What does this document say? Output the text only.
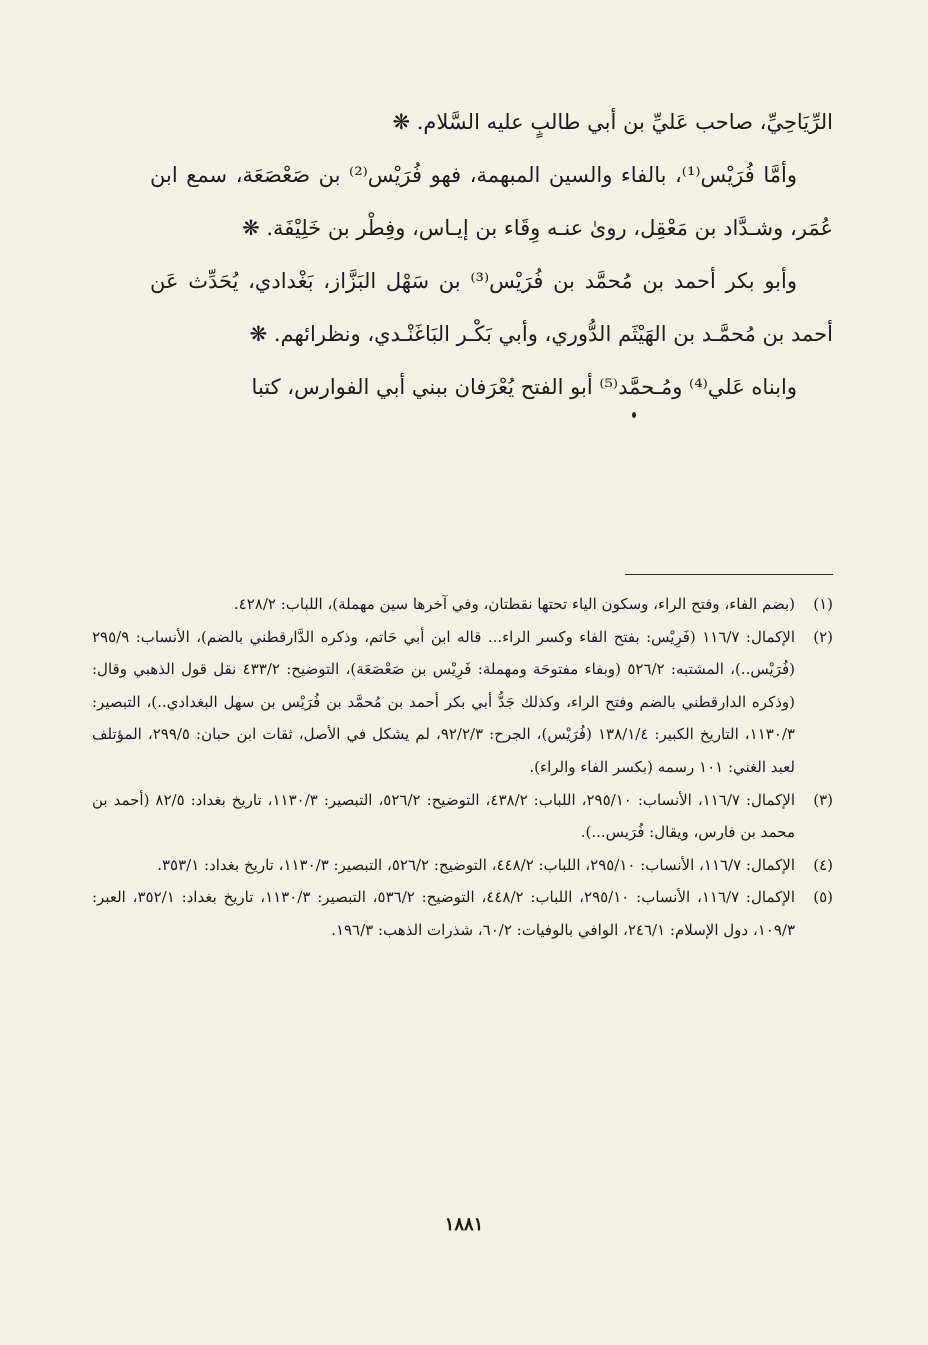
الرِّيَاحِيِّ، صاحب عَليِّ بن أبي طالبٍ عليه السَّلام. ❋

وأمَّا فُرَيْس⁽¹⁾، بالفاء والسين المبهمة، فهو فُرَيْس⁽²⁾ بن صَعْصَعَة، سمع ابن عُمَر، وشـدَّاد بن مَعْقِل، روىٰ عنـه وِقَاء بن إيـاس، وفِطْر بن خَلِيْفَة. ❋

وأبو بكر أحمد بن مُحمَّد بن فُرَيْس⁽³⁾ بن سَهْل البَزَّاز، بَغْدادي، يُحَدِّث عَن أحمد بن مُحمَّـد بن الهَيْثَم الدُّوري، وأبي بَكْـر البَاغَنْـدي، ونظرائهم. ❋

وابناه عَلي⁽⁴⁾ ومُـحمَّد⁽⁵⁾ أبو الفتح يُعْرَفان ببني أبي الفوارس، كتبا

(١)
(بضم الفاء، وفتح الراء، وسكون الياء تحتها نقطتان، وفي آخرها سين مهملة)، اللباب: ٤٢٨/٢.
(٢)
الإكمال: ١١٦/٧ (فَرِيْس: بفتح الفاء وكسر الراء... قاله ابن أبي حَاتم، وذكره الدَّارقطني بالضم)، الأنساب: ٢٩٥/٩ (فُرَيْس..)، المشتبه: ٥٢٦/٢ (وبفاء مفتوحَة ومهملة: فَرِيْس بن صَعْصَعَة)، التوضيح: ٤٣٣/٢ نقل قول الذهبي وقال: (وذكره الدارقطني بالضم وفتح الراء، وكذلك جَدُّ أبي بكر أحمد بن مُحمَّد بن فُرَيْس بن سهل البغدادي..)، التبصير: ١١٣٠/٣، التاريخ الكبير: ١٣٨/١/٤ (فُرَيْس)، الجرح: ٩٢/٢/٣، لم يشكل في الأصل، ثقات ابن حبان: ٢٩٩/٥، المؤتلف لعبد الغني: ١٠١ رسمه (بكسر الفاء والراء).
(٣)
الإكمال: ١١٦/٧، الأنساب: ٢٩٥/١٠، اللباب: ٤٣٨/٢، التوضيح: ٥٢٦/٢، التبصير: ١١٣٠/٣، تاريخ بغداد: ٨٢/٥ (أحمد بن محمد بن فارس، ويقال: فُرَيس...).
(٤)
الإكمال: ١١٦/٧، الأنساب: ٢٩٥/١٠، اللباب: ٤٤٨/٢، التوضيح: ٥٢٦/٢، التبصير: ١١٣٠/٣، تاريخ بغداد: ٣٥٣/١.
(٥)
الإكمال: ١١٦/٧، الأنساب: ٢٩٥/١٠، اللباب: ٤٤٨/٢، التوضيح: ٥٣٦/٢، التبصير: ١١٣٠/٣، تاريخ بغداد: ٣٥٢/١، العبر: ١٠٩/٣، دول الإسلام: ٢٤٦/١، الوافي بالوفيات: ٦٠/٢، شذرات الذهب: ١٩٦/٣.
١٨٨١
